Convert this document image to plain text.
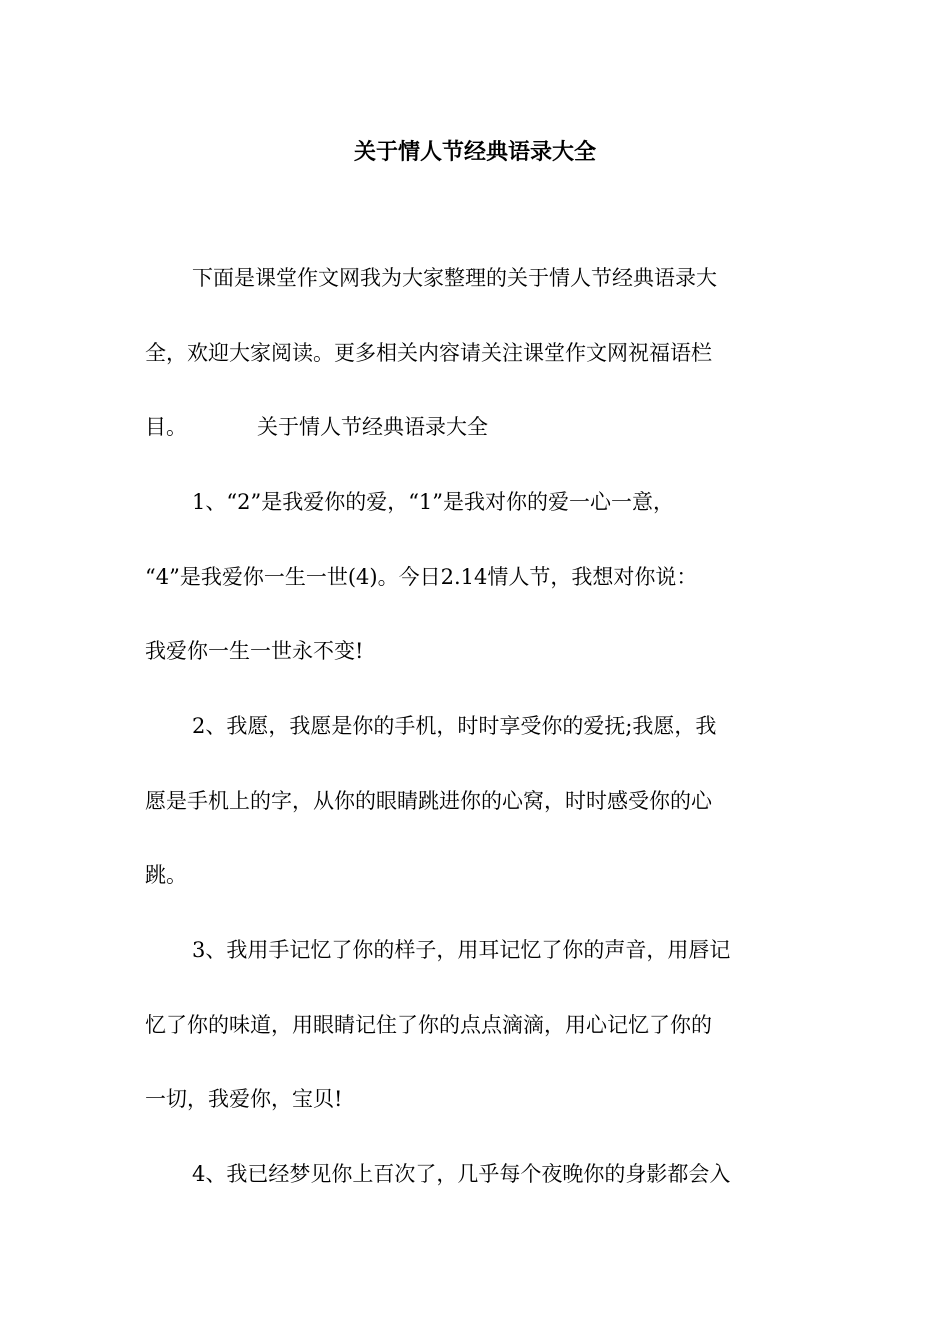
关于情人节经典语录大全

下面是课堂作文网我为大家整理的关于情人节经典语录大

全，欢迎大家阅读。更多相关内容请关注课堂作文网祝福语栏

目。	关于情人节经典语录大全

1、“2”是我爱你的爱，“1”是我对你的爱一心一意，

“4”是我爱你一生一世(4)。今日2.14情人节，我想对你说：

我爱你一生一世永不变!

2、我愿，我愿是你的手机，时时享受你的爱抚;我愿，我

愿是手机上的字，从你的眼睛跳进你的心窝，时时感受你的心

跳。

3、我用手记忆了你的样子，用耳记忆了你的声音，用唇记

忆了你的味道，用眼睛记住了你的点点滴滴，用心记忆了你的

一切，我爱你，宝贝!

4、我已经梦见你上百次了，几乎每个夜晚你的身影都会入
